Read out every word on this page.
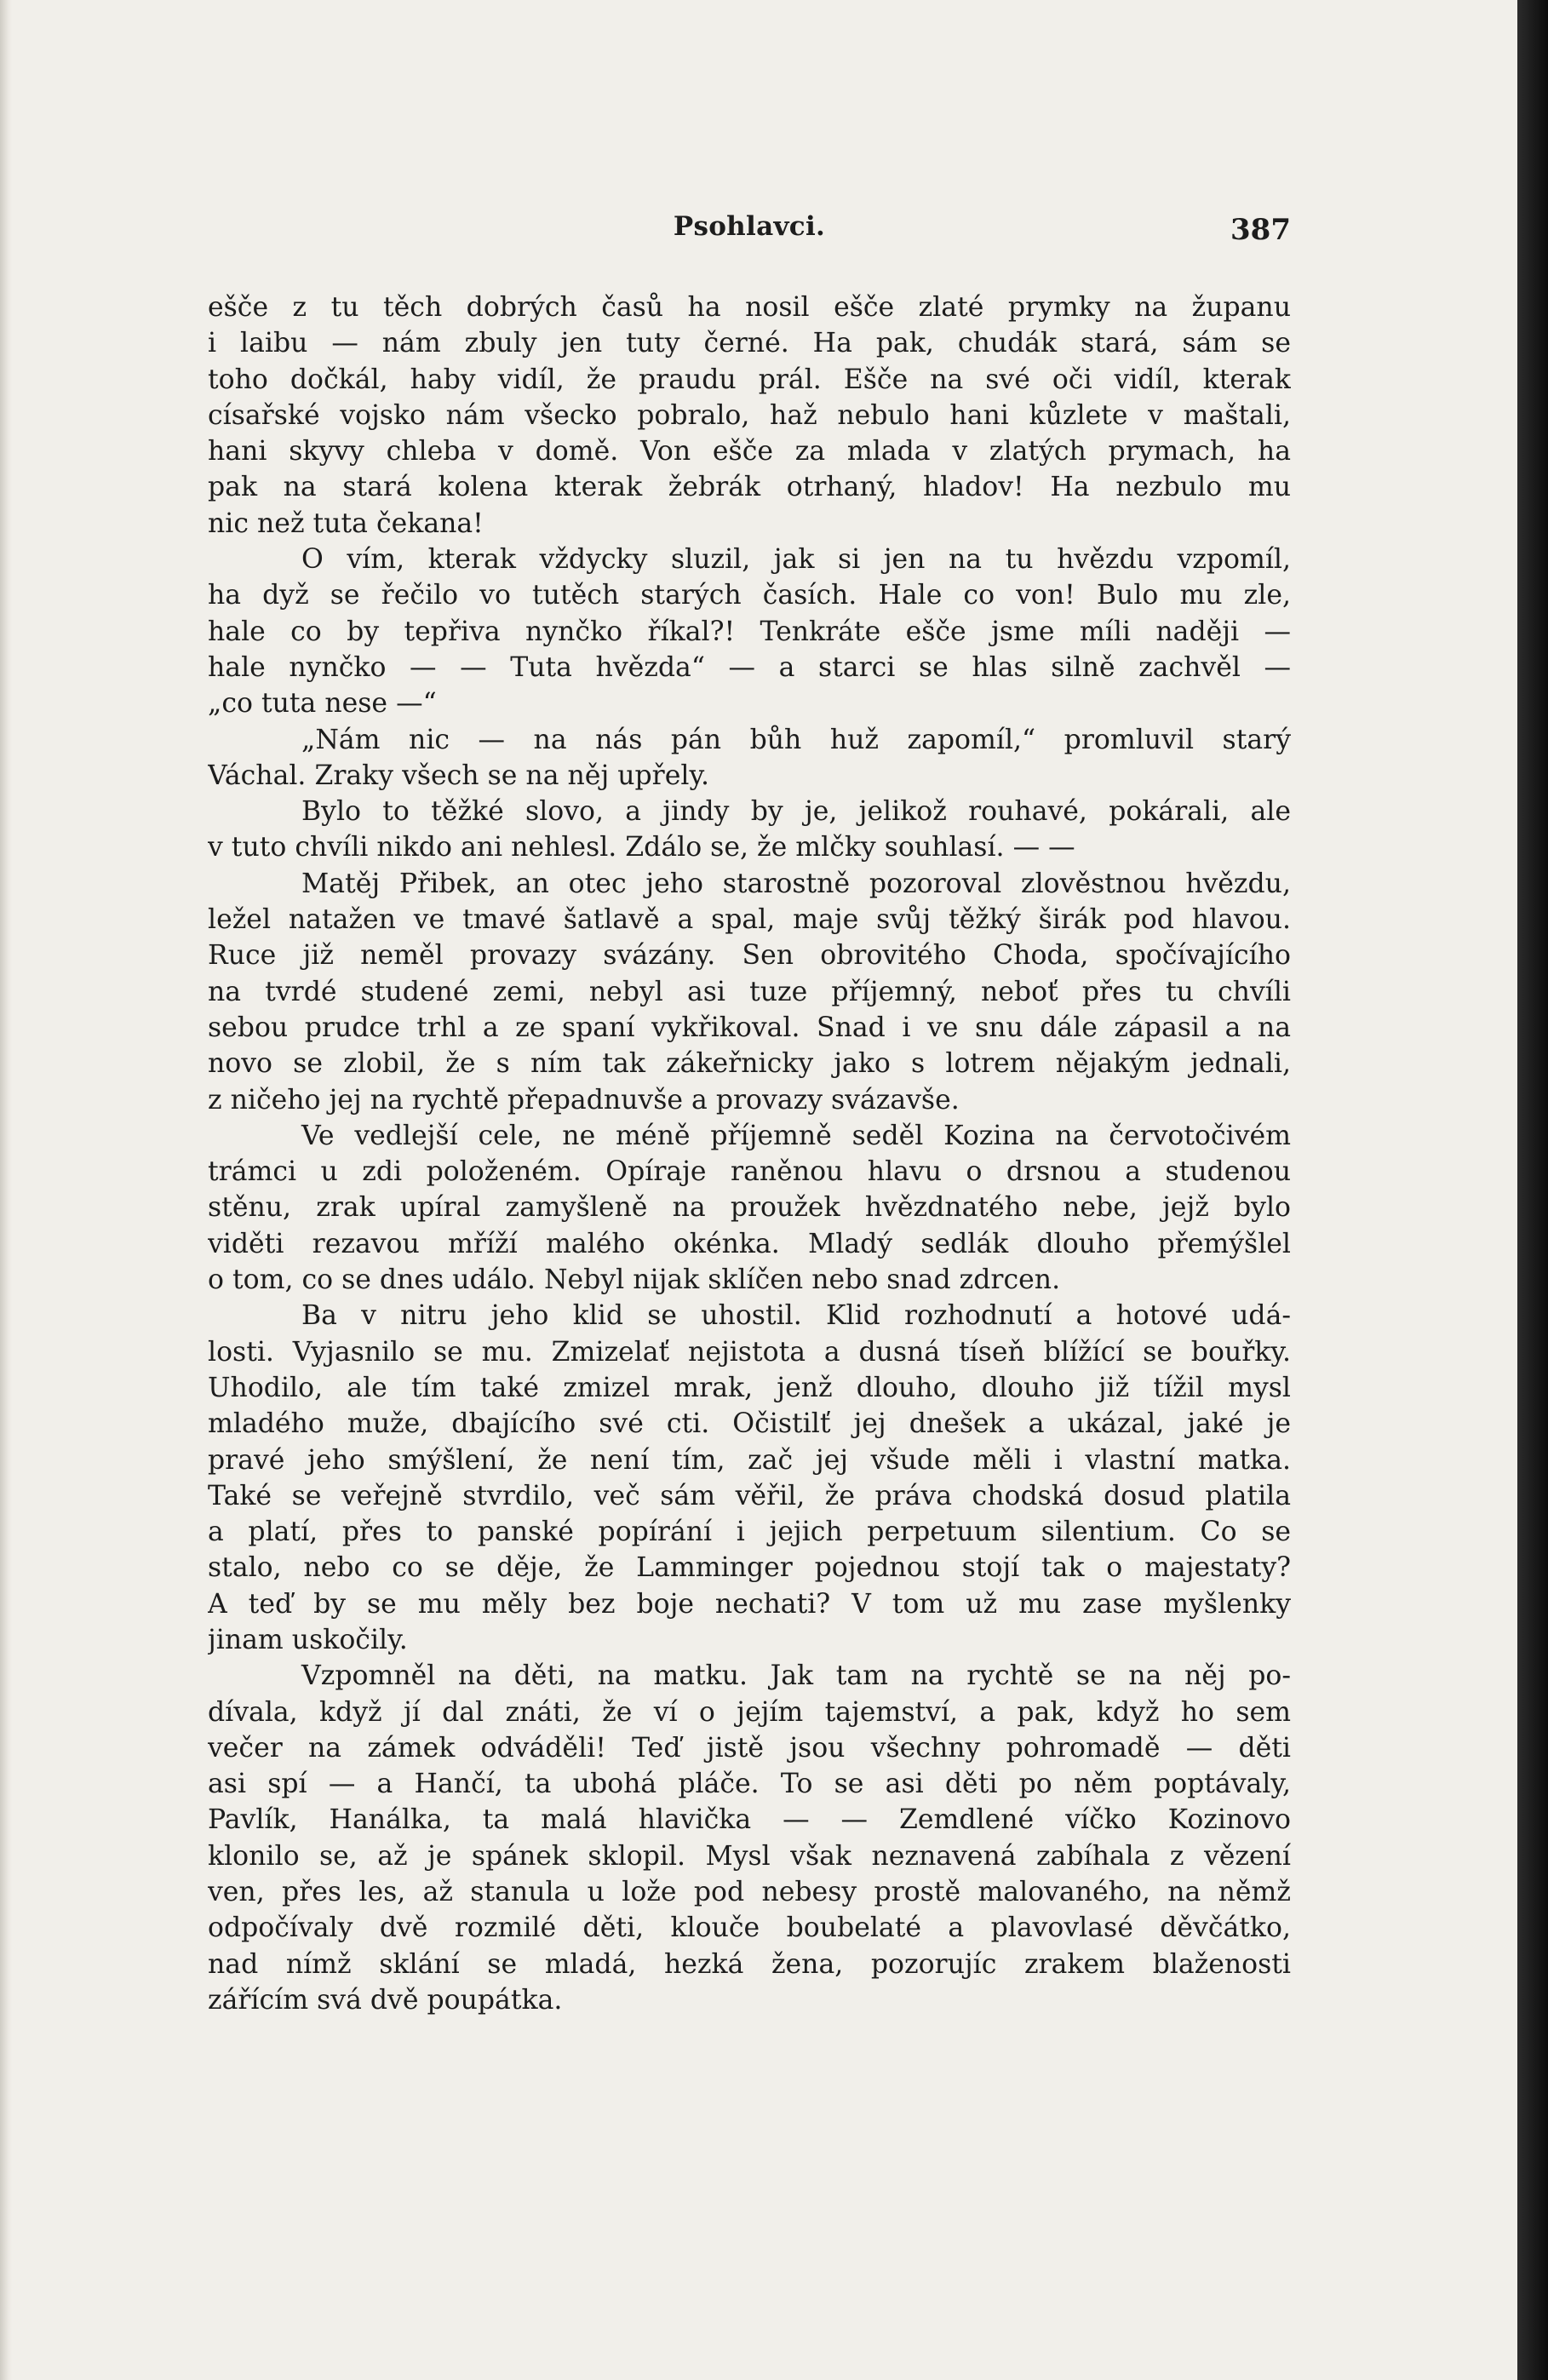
Psohlavci.	387
ešče z tu těch dobrých časů ha nosil ešče zlaté prymky na županu
i laibu — nám zbuly jen tuty černé. Ha pak, chudák stará, sám se
toho dočkál, haby vidíl, že praudu prál. Ešče na své oči vidíl, kterak
císařské vojsko nám všecko pobralo, haž nebulo hani kůzlete v maštali,
hani skyvy chleba v domě. Von ešče za mlada v zlatých prymach, ha
pak na stará kolena kterak žebrák otrhaný, hladov! Ha nezbulo mu
nic než tuta čekana!
O vím, kterak vždycky sluzil, jak si jen na tu hvězdu vzpomíl,
ha dyž se řečilo vo tutěch starých časích. Hale co von! Bulo mu zle,
hale co by tepřiva nynčko říkal?! Tenkráte ešče jsme míli naději —
hale nynčko — — Tuta hvězda“ — a starci se hlas silně zachvěl —
„co tuta nese —“
„Nám nic — na nás pán bůh huž zapomíl,“ promluvil starý
Váchal. Zraky všech se na něj upřely.
Bylo to těžké slovo, a jindy by je, jelikož rouhavé, pokárali, ale
v tuto chvíli nikdo ani nehlesl. Zdálo se, že mlčky souhlasí. — —
Matěj Přibek, an otec jeho starostně pozoroval zlověstnou hvězdu,
ležel natažen ve tmavé šatlavě a spal, maje svůj těžký širák pod hlavou.
Ruce již neměl provazy svázány. Sen obrovitého Choda, spočívajícího
na tvrdé studené zemi, nebyl asi tuze příjemný, neboť přes tu chvíli
sebou prudce trhl a ze spaní vykřikoval. Snad i ve snu dále zápasil a na
novo se zlobil, že s ním tak zákeřnicky jako s lotrem nějakým jednali,
z ničeho jej na rychtě přepadnuvše a provazy svázavše.
Ve vedlejší cele, ne méně příjemně seděl Kozina na červotočivém
trámci u zdi položeném. Opíraje raněnou hlavu o drsnou a studenou
stěnu, zrak upíral zamyšleně na proužek hvězdnatého nebe, jejž bylo
viděti rezavou mříží malého okénka. Mladý sedlák dlouho přemýšlel
o tom, co se dnes událo. Nebyl nijak sklíčen nebo snad zdrcen.
Ba v nitru jeho klid se uhostil. Klid rozhodnutí a hotové udá-
losti. Vyjasnilo se mu. Zmizelať nejistota a dusná tíseň blížící se bouřky.
Uhodilo, ale tím také zmizel mrak, jenž dlouho, dlouho již tížil mysl
mladého muže, dbajícího své cti. Očistilť jej dnešek a ukázal, jaké je
pravé jeho smýšlení, že není tím, zač jej všude měli i vlastní matka.
Také se veřejně stvrdilo, več sám věřil, že práva chodská dosud platila
a platí, přes to panské popírání i jejich perpetuum silentium. Co se
stalo, nebo co se děje, že Lamminger pojednou stojí tak o majestaty?
A teď by se mu měly bez boje nechati? V tom už mu zase myšlenky
jinam uskočily.
Vzpomněl na děti, na matku. Jak tam na rychtě se na něj po-
dívala, když jí dal znáti, že ví o jejím tajemství, a pak, když ho sem
večer na zámek odváděli! Teď jistě jsou všechny pohromadě — děti
asi spí — a Hančí, ta ubohá pláče. To se asi děti po něm poptávaly,
Pavlík, Hanálka, ta malá hlavička — — Zemdlené víčko Kozinovo
klonilo se, až je spánek sklopil. Mysl však neznavená zabíhala z vězení
ven, přes les, až stanula u lože pod nebesy prostě malovaného, na němž
odpočívaly dvě rozmilé děti, klouče boubelaté a plavovlasé děvčátko,
nad nímž sklání se mladá, hezká žena, pozorujíc zrakem blaženosti
zářícím svá dvě poupátka.
